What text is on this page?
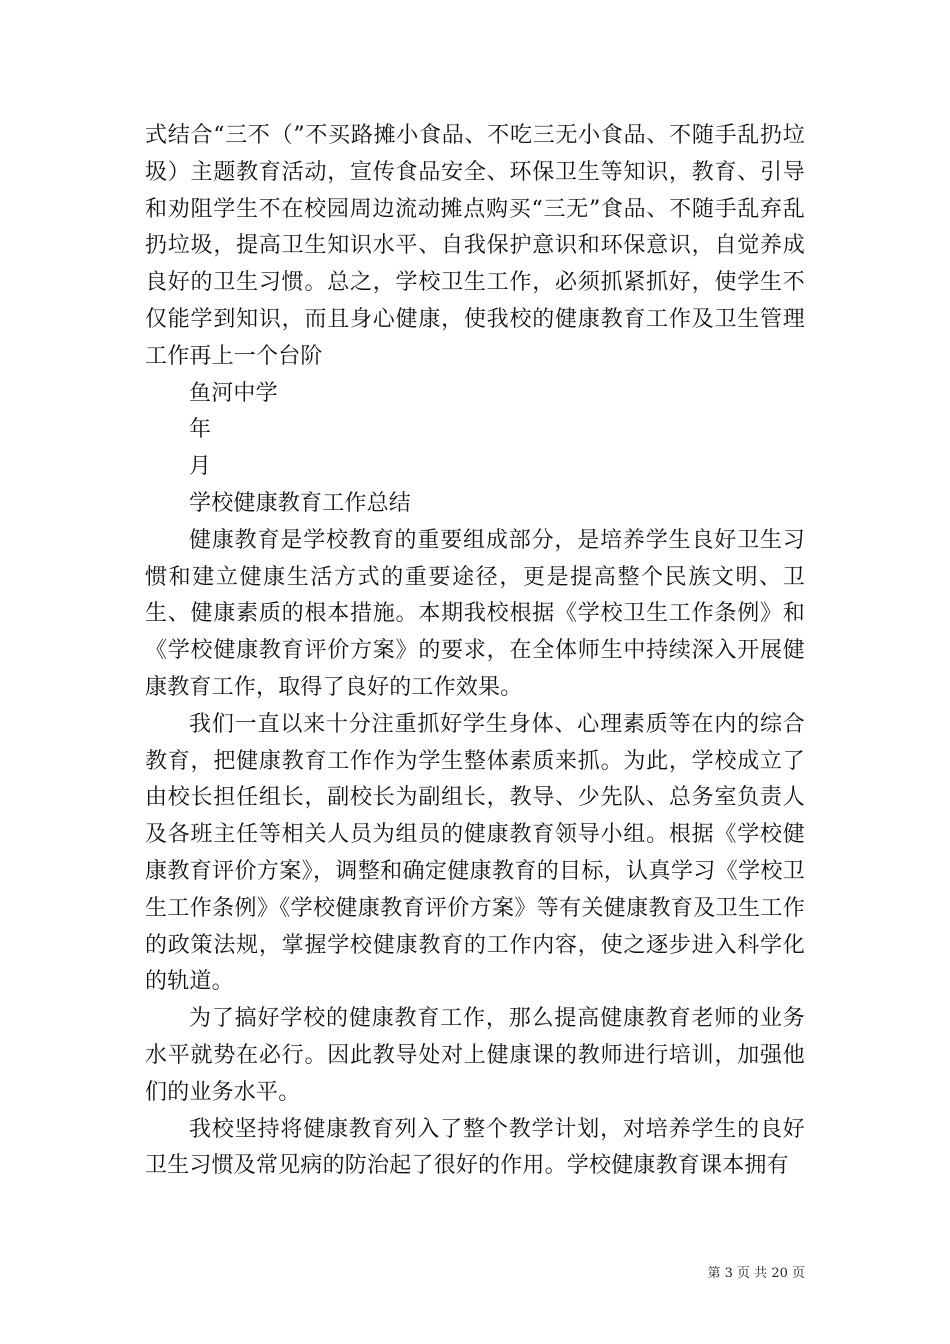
式结合“三不（”不买路摊小食品、不吃三无小食品、不随手乱扔垃圾）主题教育活动，宣传食品安全、环保卫生等知识，教育、引导和劝阻学生不在校园周边流动摊点购买“三无”食品、不随手乱弃乱扔垃圾，提高卫生知识水平、自我保护意识和环保意识，自觉养成良好的卫生习惯。总之，学校卫生工作，必须抓紧抓好，使学生不仅能学到知识，而且身心健康，使我校的健康教育工作及卫生管理工作再上一个台阶

鱼河中学

年

月

学校健康教育工作总结

健康教育是学校教育的重要组成部分，是培养学生良好卫生习惯和建立健康生活方式的重要途径，更是提高整个民族文明、卫生、健康素质的根本措施。本期我校根据《学校卫生工作条例》和《学校健康教育评价方案》的要求，在全体师生中持续深入开展健康教育工作，取得了良好的工作效果。

我们一直以来十分注重抓好学生身体、心理素质等在内的综合教育，把健康教育工作作为学生整体素质来抓。为此，学校成立了由校长担任组长，副校长为副组长，教导、少先队、总务室负责人及各班主任等相关人员为组员的健康教育领导小组。根据《学校健康教育评价方案》，调整和确定健康教育的目标，认真学习《学校卫生工作条例》《学校健康教育评价方案》等有关健康教育及卫生工作的政策法规，掌握学校健康教育的工作内容，使之逐步进入科学化的轨道。

为了搞好学校的健康教育工作，那么提高健康教育老师的业务水平就势在必行。因此教导处对上健康课的教师进行培训，加强他们的业务水平。

我校坚持将健康教育列入了整个教学计划，对培养学生的良好卫生习惯及常见病的防治起了很好的作用。学校健康教育课本拥有

第 3 页 共 20 页
